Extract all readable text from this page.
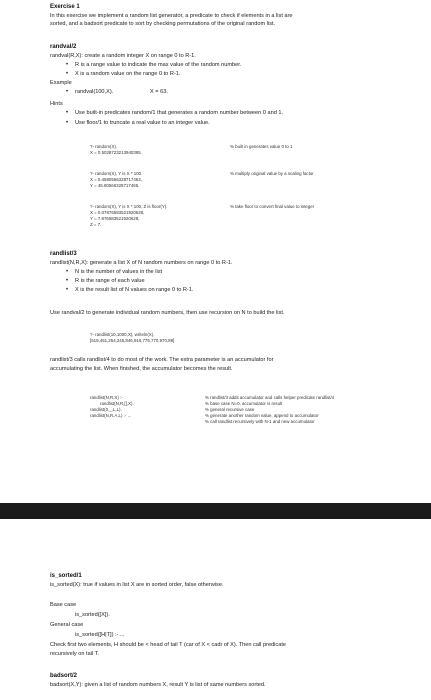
Exercise 1
In this exercise we implement a random list generator, a predicate to check if elements in a list are
sorted, and a badsort predicate to sort by checking permutations of the original random list.
randval/2
randval(R,X): create a random integer X on range 0 to R-1.
• R is a range value to indicate the max value of the random number.
• X is a random value on the range 0 to R-1.
Example
• randval(100,X).	X = 63.
Hints
• Use built-in predicates random/1 that generates a random number between 0 and 1.
• Use floor/1 to truncate a real value to an integer value.
?- random(X).
X = 0.5028723213940395.
% built in generates value 0 to 1
?- random(X), Y is X * 100.
X = 0.4580566328717463,
Y = 45.80566328717465.
% multiply original value by a scaling factor
?- random(X), Y is X * 100, Z is floor(Y).
X = 0.07876583521920628,
Y = 7.876583521920628,
Z = 7.
% take floor to convert final value to integer
randlist/3
randlist(N,R,X): generate a list X of N random numbers on range 0 to R-1.
• N is the number of values in the list
• R is the range of each value
• X is the result list of N values on range 0 to R-1.
Use randval/2 to generate individual random numbers, then use recursion on N to build the list.
?- randlist(10,1000,X), writeln(X).
[519,451,254,245,846,916,775,770,970,88]
randlist/3 calls randlist/4 to do most of the work. The extra parameter is an accumulator for
accumulating the list. When finished, the accumulator becomes the result.
randlist(N,R,X) :-
randlist(N,R,[],X).
randlist(0,_,L,L).
randlist(N,R,A,L) :- ...
% randlist/3 adds accumulator and calls helper predicate randlist/4
% base case N=0, accumulator is result
% general recursive case
% generate another random value, append to accumulator
% call randlist recursively with N-1 and new accumulator
is_sorted/1
is_sorted(X): true if values in list X are in sorted order, false otherwise.
Base case
is_sorted([X]).
General case
is_sorted([H|T]) :- ...
Check first two elements, H should be < head of tail T (car of X < cadr of X). Then call predicate
recursively on tail T.
badsort/2
badsort(X,Y): given a list of random numbers X, result Y is list of same numbers sorted.
